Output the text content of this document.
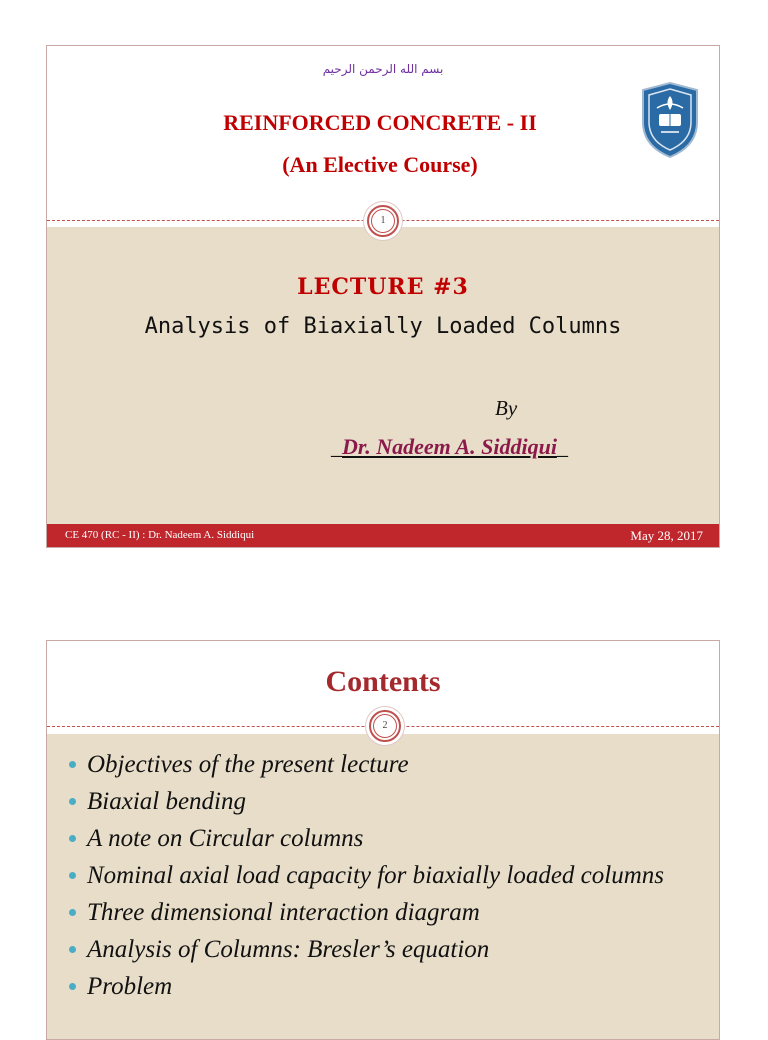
بسم الله الرحمن الرحيم
REINFORCED CONCRETE - II
(An Elective Course)
1
LECTURE #3
Analysis of Biaxially Loaded Columns
By
_Dr. Nadeem A. Siddiqui_
CE 470 (RC - II) : Dr. Nadeem A. Siddiqui	May 28, 2017
Contents
2
Objectives of the present lecture
Biaxial bending
A note on Circular columns
Nominal axial load capacity for biaxially loaded columns
Three dimensional interaction diagram
Analysis of Columns: Bresler’s equation
Problem
